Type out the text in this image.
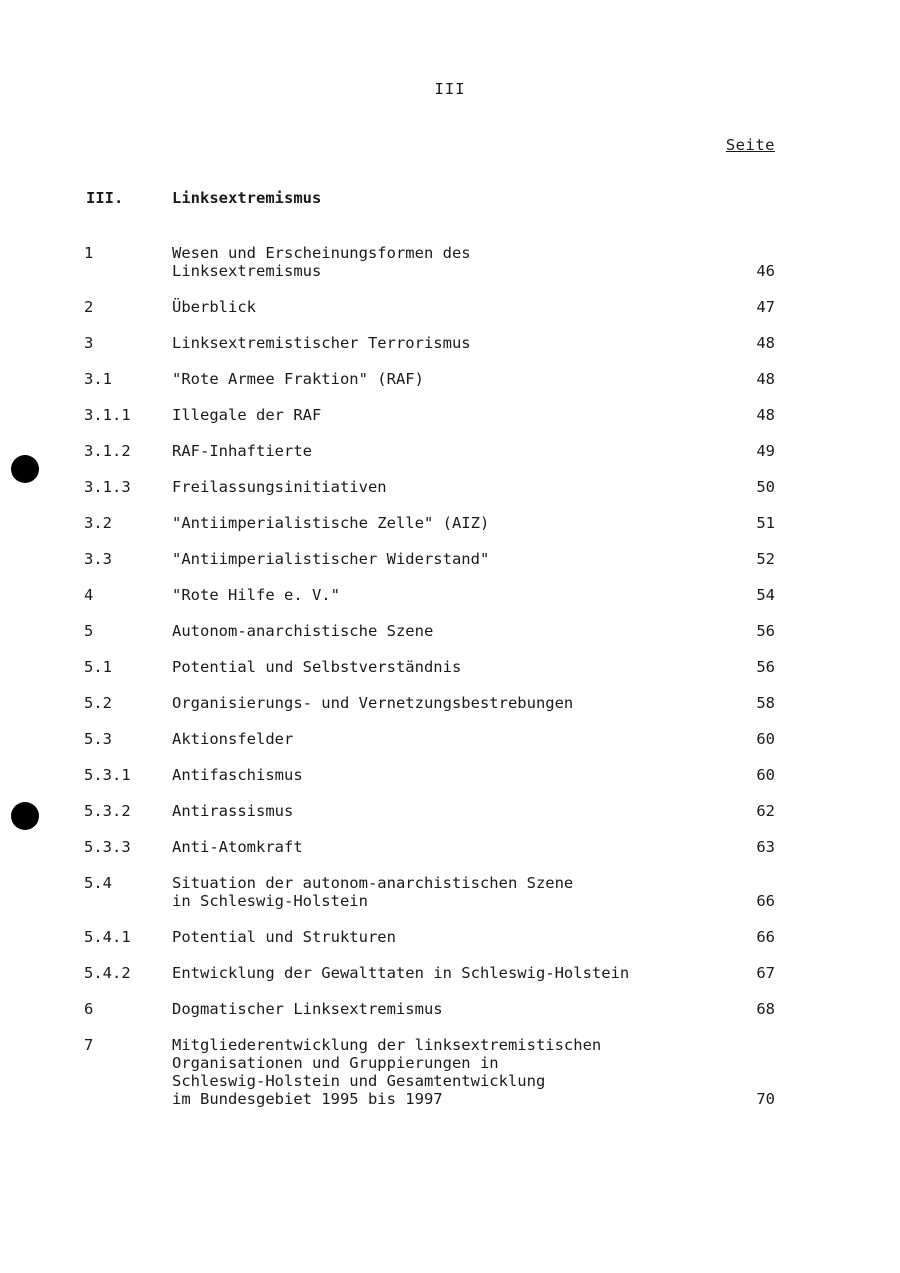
III
Seite
III.	Linksextremismus
1	Wesen und Erscheinungsformen des
Linksextremismus	46
2	Überblick	47
3	Linksextremistischer Terrorismus	48
3.1	"Rote Armee Fraktion" (RAF)	48
3.1.1	Illegale der RAF	48
3.1.2	RAF-Inhaftierte	49
3.1.3	Freilassungsinitiativen	50
3.2	"Antiimperialistische Zelle" (AIZ)	51
3.3	"Antiimperialistischer Widerstand"	52
4	"Rote Hilfe e. V."	54
5	Autonom-anarchistische Szene	56
5.1	Potential und Selbstverständnis	56
5.2	Organisierungs- und Vernetzungsbestrebungen	58
5.3	Aktionsfelder	60
5.3.1	Antifaschismus	60
5.3.2	Antirassismus	62
5.3.3	Anti-Atomkraft	63
5.4	Situation der autonom-anarchistischen Szene
in Schleswig-Holstein	66
5.4.1	Potential und Strukturen	66
5.4.2	Entwicklung der Gewalttaten in Schleswig-Holstein	67
6	Dogmatischer Linksextremismus	68
7	Mitgliederentwicklung der linksextremistischen
Organisationen und Gruppierungen in
Schleswig-Holstein und Gesamtentwicklung
im Bundesgebiet 1995 bis 1997	70
